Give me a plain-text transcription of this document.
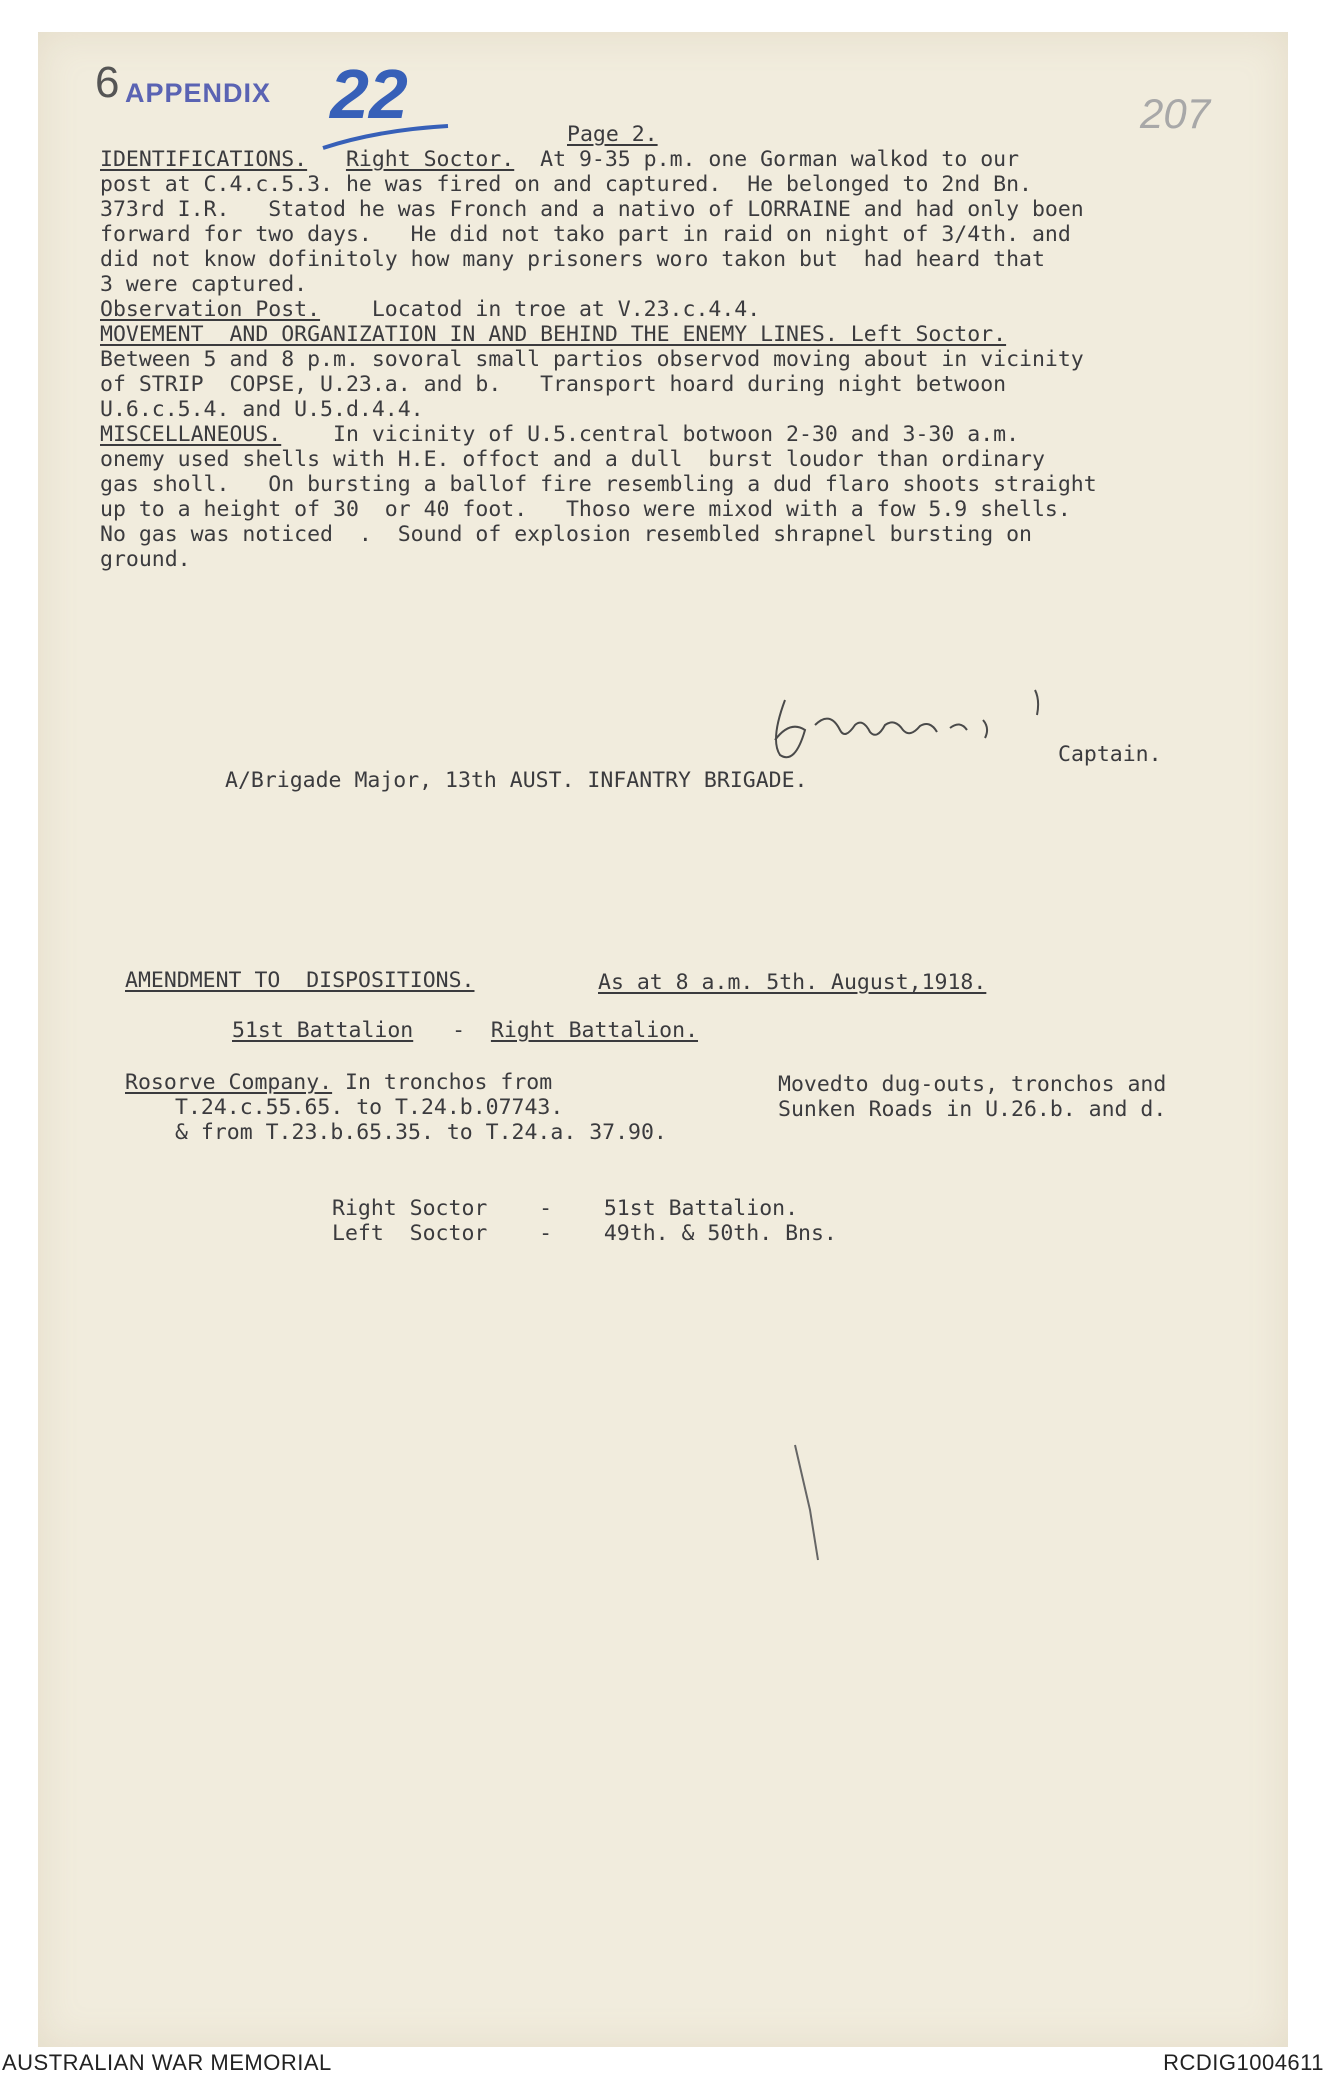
6 APPENDIX 22	207
Page 2.
IDENTIFICATIONS. Right Soctor.  At 9-35 p.m. one Gorman walkod to our
post at C.4.c.5.3. he was fired on and captured.  He belonged to 2nd Bn.
373rd I.R.   Statod he was Fronch and a nativo of LORRAINE and had only boen
forward for two days.   He did not tako part in raid on night of 3/4th. and
did not know dofinitoly how many prisoners woro takon but  had heard that
3 were captured.
Observation Post.    Locatod in troe at V.23.c.4.4.
MOVEMENT  AND ORGANIZATION IN AND BEHIND THE ENEMY LINES. Left Soctor.
Between 5 and 8 p.m. sovoral small partios observod moving about in vicinity
of STRIP  COPSE, U.23.a. and b.   Transport hoard during night betwoon
U.6.c.5.4. and U.5.d.4.4.
MISCELLANEOUS.    In vicinity of U.5.central botwoon 2-30 and 3-30 a.m.
onemy used shells with H.E. offoct and a dull  burst loudor than ordinary
gas sholl.   On bursting a ballof fire resembling a dud flaro shoots straight
up to a height of 30  or 40 foot.   Thoso were mixod with a fow 5.9 shells.
No gas was noticed  .  Sound of explosion resembled shrapnel bursting on
ground.
Captain.
A/Brigade Major, 13th AUST. INFANTRY BRIGADE.
AMENDMENT TO  DISPOSITIONS.	As at 8 a.m. 5th. August,1918.
51st Battalion - Right Battalion.
Rosorve Company. In tronchos from
T.24.c.55.65. to T.24.b.07743.
& from T.23.b.65.35. to T.24.a. 37.90.
Movedto dug-outs, tronchos and
Sunken Roads in U.26.b. and d.
Right Soctor - 51st Battalion.
Left  Soctor - 49th. & 50th. Bns.
AUSTRALIAN WAR MEMORIAL	RCDIG1004611
